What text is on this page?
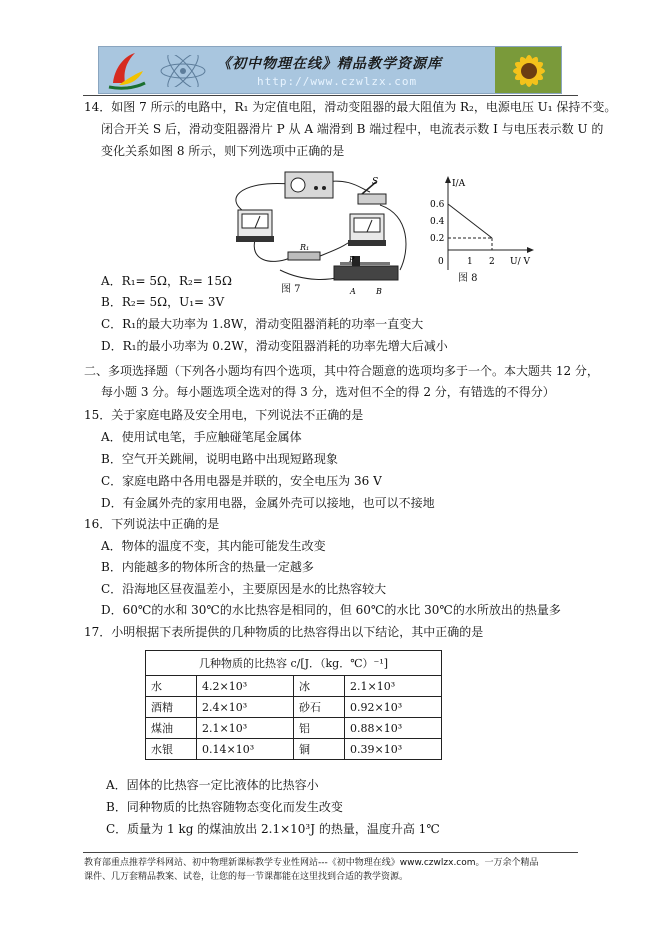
《初中物理在线》精品教学资源库
http://www.czwlzx.com
14．如图 7 所示的电路中，R₁ 为定值电阻，滑动变阻器的最大阻值为 R₂，电源电压 U₁ 保持不变。
闭合开关 S 后，滑动变阻器滑片 P 从 A 端滑到 B 端过程中，电流表示数 I 与电压表示数 U 的
变化关系如图 8 所示，则下列选项中正确的是
S
R₁
P
A	B
图 7
I/A
0.6
0.4
0.2
0	1 2 U/ V
图 8
A．R₁= 5Ω，R₂= 15Ω
B．R₂= 5Ω，U₁= 3V
C．R₁的最大功率为 1.8W，滑动变阻器消耗的功率一直变大
D．R₁的最小功率为 0.2W，滑动变阻器消耗的功率先增大后减小
二、多项选择题（下列各小题均有四个选项，其中符合题意的选项均多于一个。本大题共 12 分，
每小题 3 分。每小题选项全选对的得 3 分，选对但不全的得 2 分，有错选的不得分）
15．关于家庭电路及安全用电，下列说法不正确的是
A．使用试电笔，手应触碰笔尾金属体
B．空气开关跳闸，说明电路中出现短路现象
C．家庭电路中各用电器是并联的，安全电压为 36 V
D．有金属外壳的家用电器，金属外壳可以接地，也可以不接地
16．下列说法中正确的是
A．物体的温度不变，其内能可能发生改变
B．内能越多的物体所含的热量一定越多
C．沿海地区昼夜温差小，主要原因是水的比热容较大
D．60℃的水和 30℃的水比热容是相同的，但 60℃的水比 30℃的水所放出的热量多
17．小明根据下表所提供的几种物质的比热容得出以下结论，其中正确的是
几种物质的比热容 c/[J．（kg．℃）⁻¹]			
水	4.2×10³	冰	2.1×10³
酒精	2.4×10³	砂石	0.92×10³
煤油	2.1×10³	铝	0.88×10³
水银	0.14×10³	铜	0.39×10³
A．固体的比热容一定比液体的比热容小
B．同种物质的比热容随物态变化而发生改变
C．质量为 1 kg 的煤油放出 2.1×10³J 的热量，温度升高 1℃
教育部重点推荐学科网站、初中物理新课标教学专业性网站---《初中物理在线》www.czwlzx.com。一万余个精品
课件、几万套精品教案、试卷，让您的每一节课都能在这里找到合适的教学资源。
